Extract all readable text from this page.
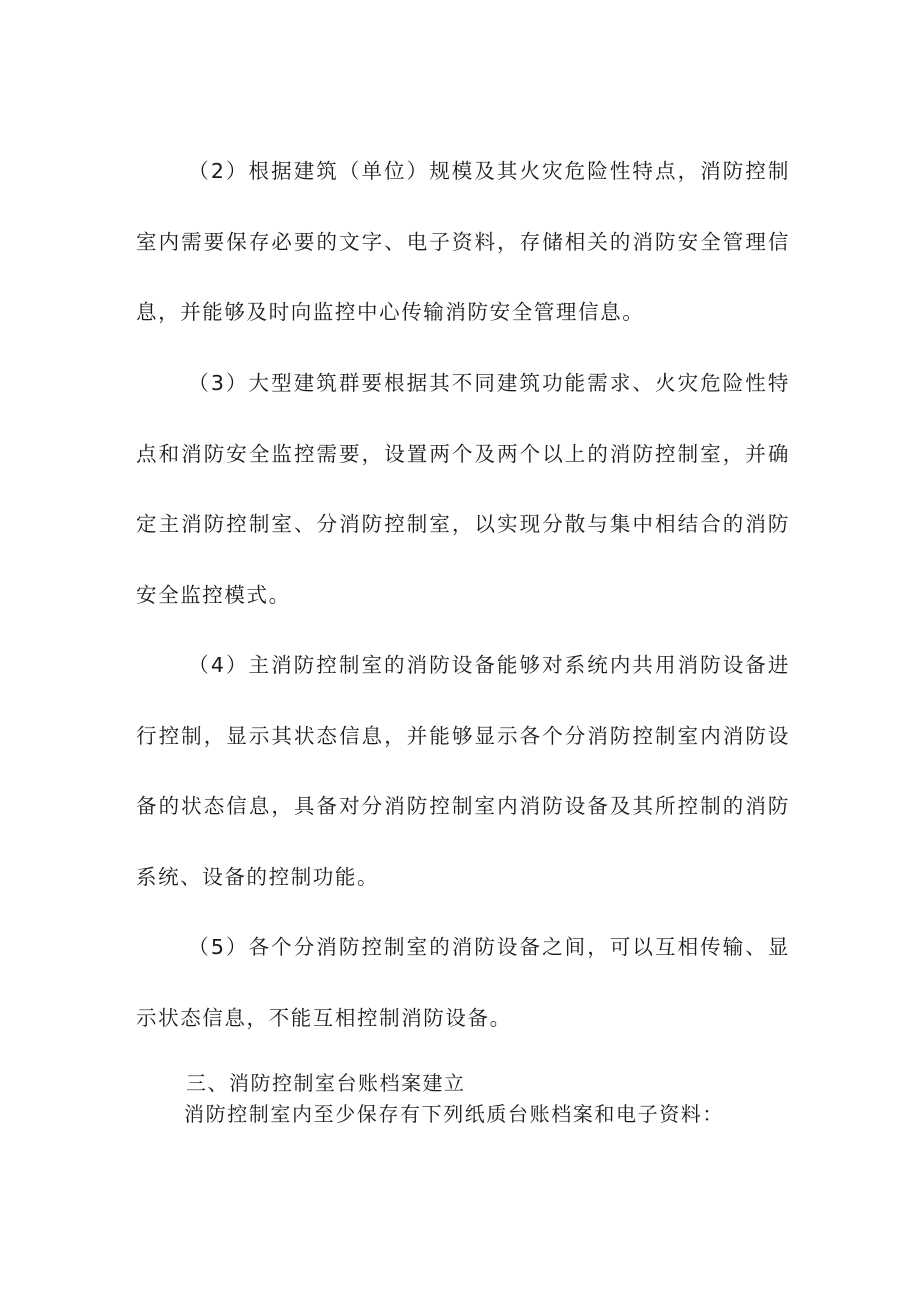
（2）根据建筑（单位）规模及其火灾危险性特点，消防控制室内需要保存必要的文字、电子资料，存储相关的消防安全管理信息，并能够及时向监控中心传输消防安全管理信息。

（3）大型建筑群要根据其不同建筑功能需求、火灾危险性特点和消防安全监控需要，设置两个及两个以上的消防控制室，并确定主消防控制室、分消防控制室，以实现分散与集中相结合的消防安全监控模式。

（4）主消防控制室的消防设备能够对系统内共用消防设备进行控制，显示其状态信息，并能够显示各个分消防控制室内消防设备的状态信息，具备对分消防控制室内消防设备及其所控制的消防系统、设备的控制功能。

（5）各个分消防控制室的消防设备之间，可以互相传输、显示状态信息，不能互相控制消防设备。

三、消防控制室台账档案建立

消防控制室内至少保存有下列纸质台账档案和电子资料：
